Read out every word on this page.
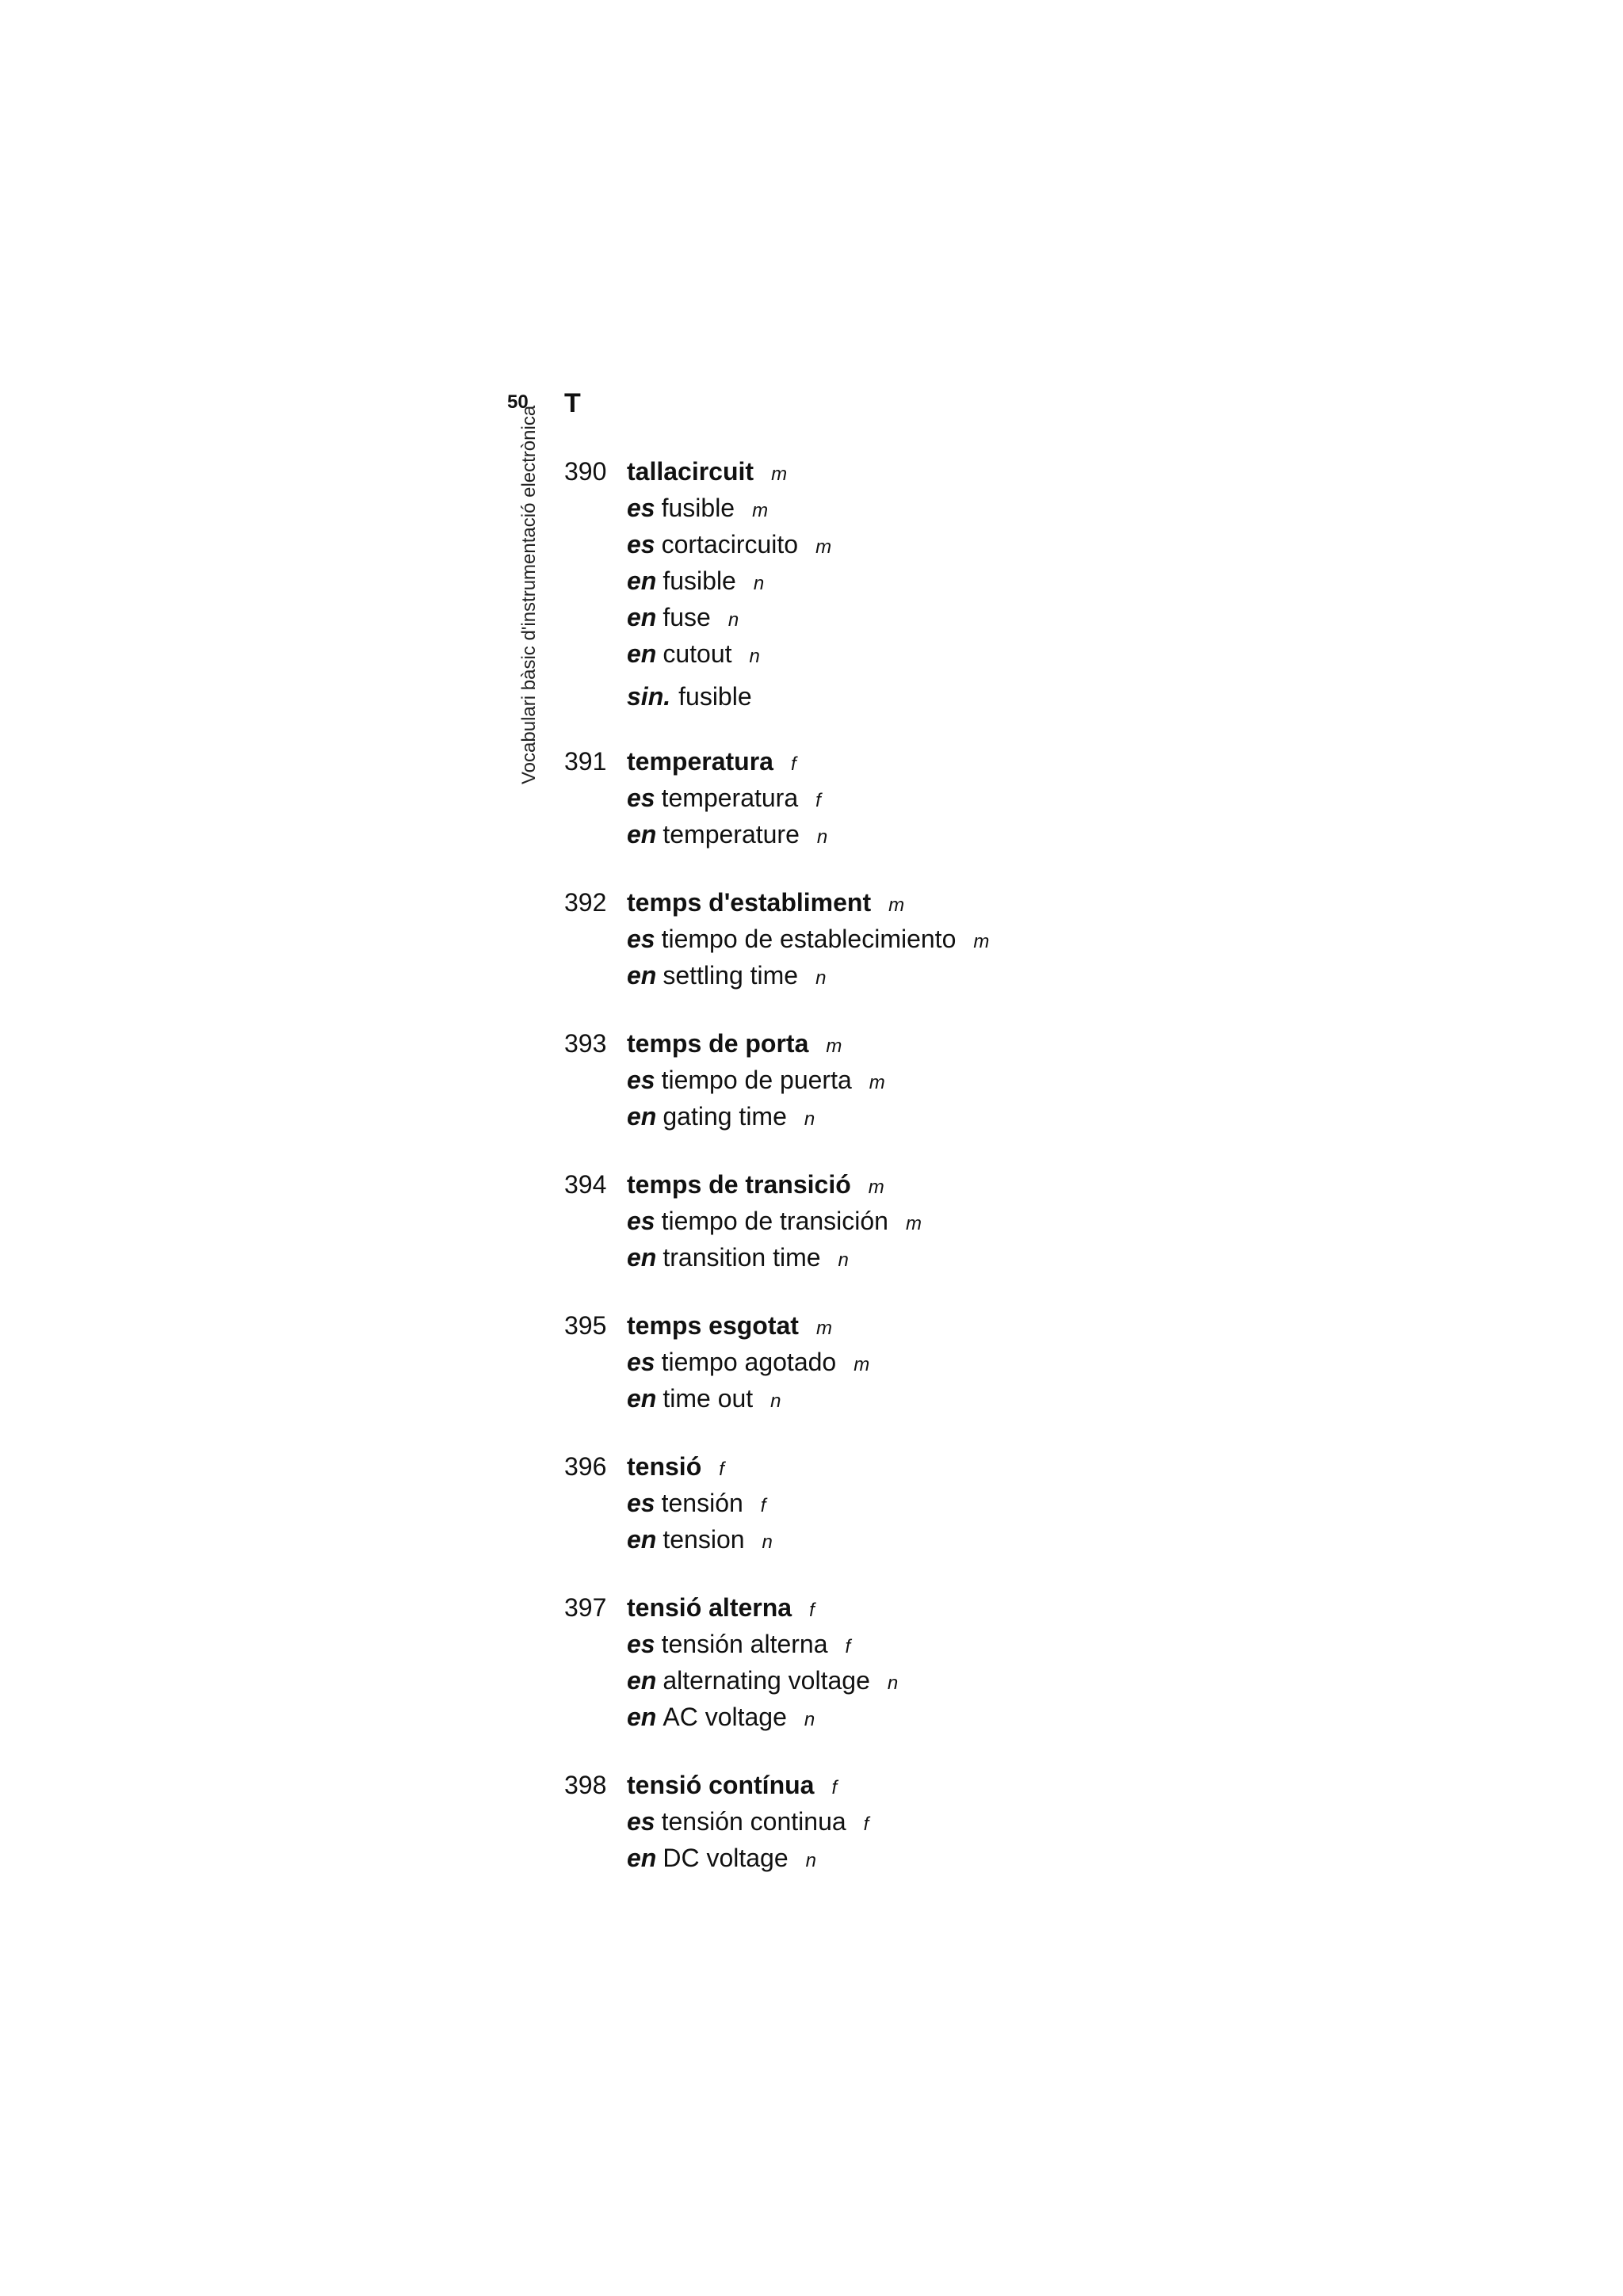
50 T
Vocabulari bàsic d'instrumentació electrònica 390 tallacircuit m
es fusible m
es cortacircuito m
en fusible n
en fuse n
en cutout n
sin. fusible
391 temperatura f
es temperatura f
en temperature n
392 temps d'establiment m
es tiempo de establecimiento m
en settling time n
393 temps de porta m
es tiempo de puerta m
en gating time n
394 temps de transició m
es tiempo de transición m
en transition time n
395 temps esgotat m
es tiempo agotado m
en time out n
396 tensió f
es tensión f
en tension n
397 tensió alterna f
es tensión alterna f
en alternating voltage n
en AC voltage n
398 tensió contínua f
es tensión continua f
en DC voltage n
